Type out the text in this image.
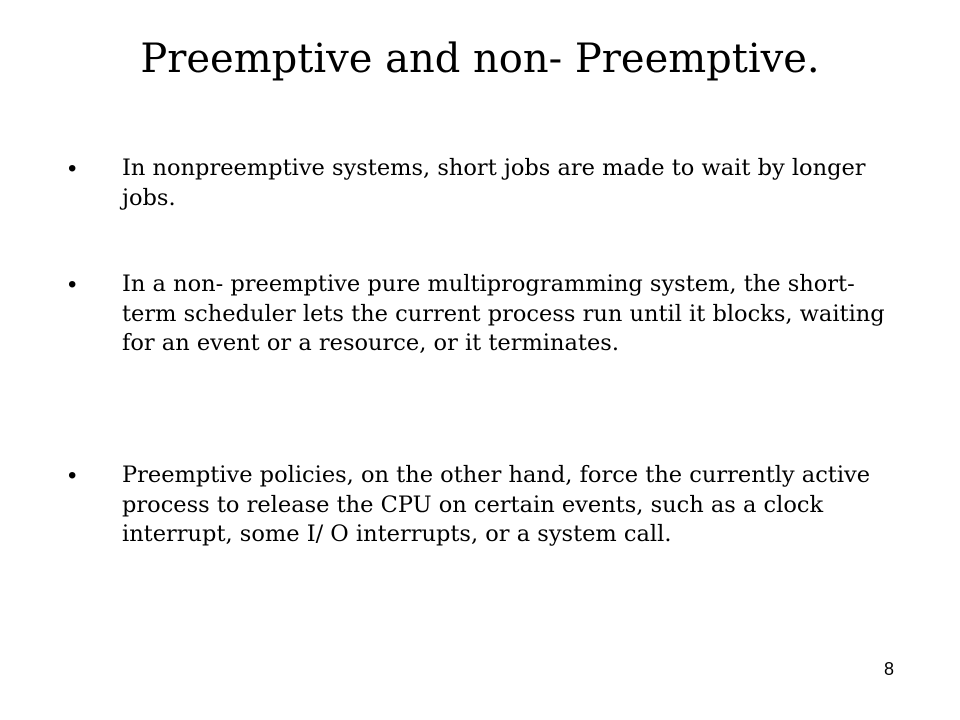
Preemptive and non- Preemptive.
• In nonpreemptive systems, short jobs are made to wait by longer jobs.
• In a non- preemptive pure multiprogramming system, the short- term scheduler lets the current process run until it blocks, waiting for an event or a resource, or it terminates.
• Preemptive policies, on the other hand, force the currently active process to release the CPU on certain events, such as a clock interrupt, some I/ O interrupts, or a system call.
8
